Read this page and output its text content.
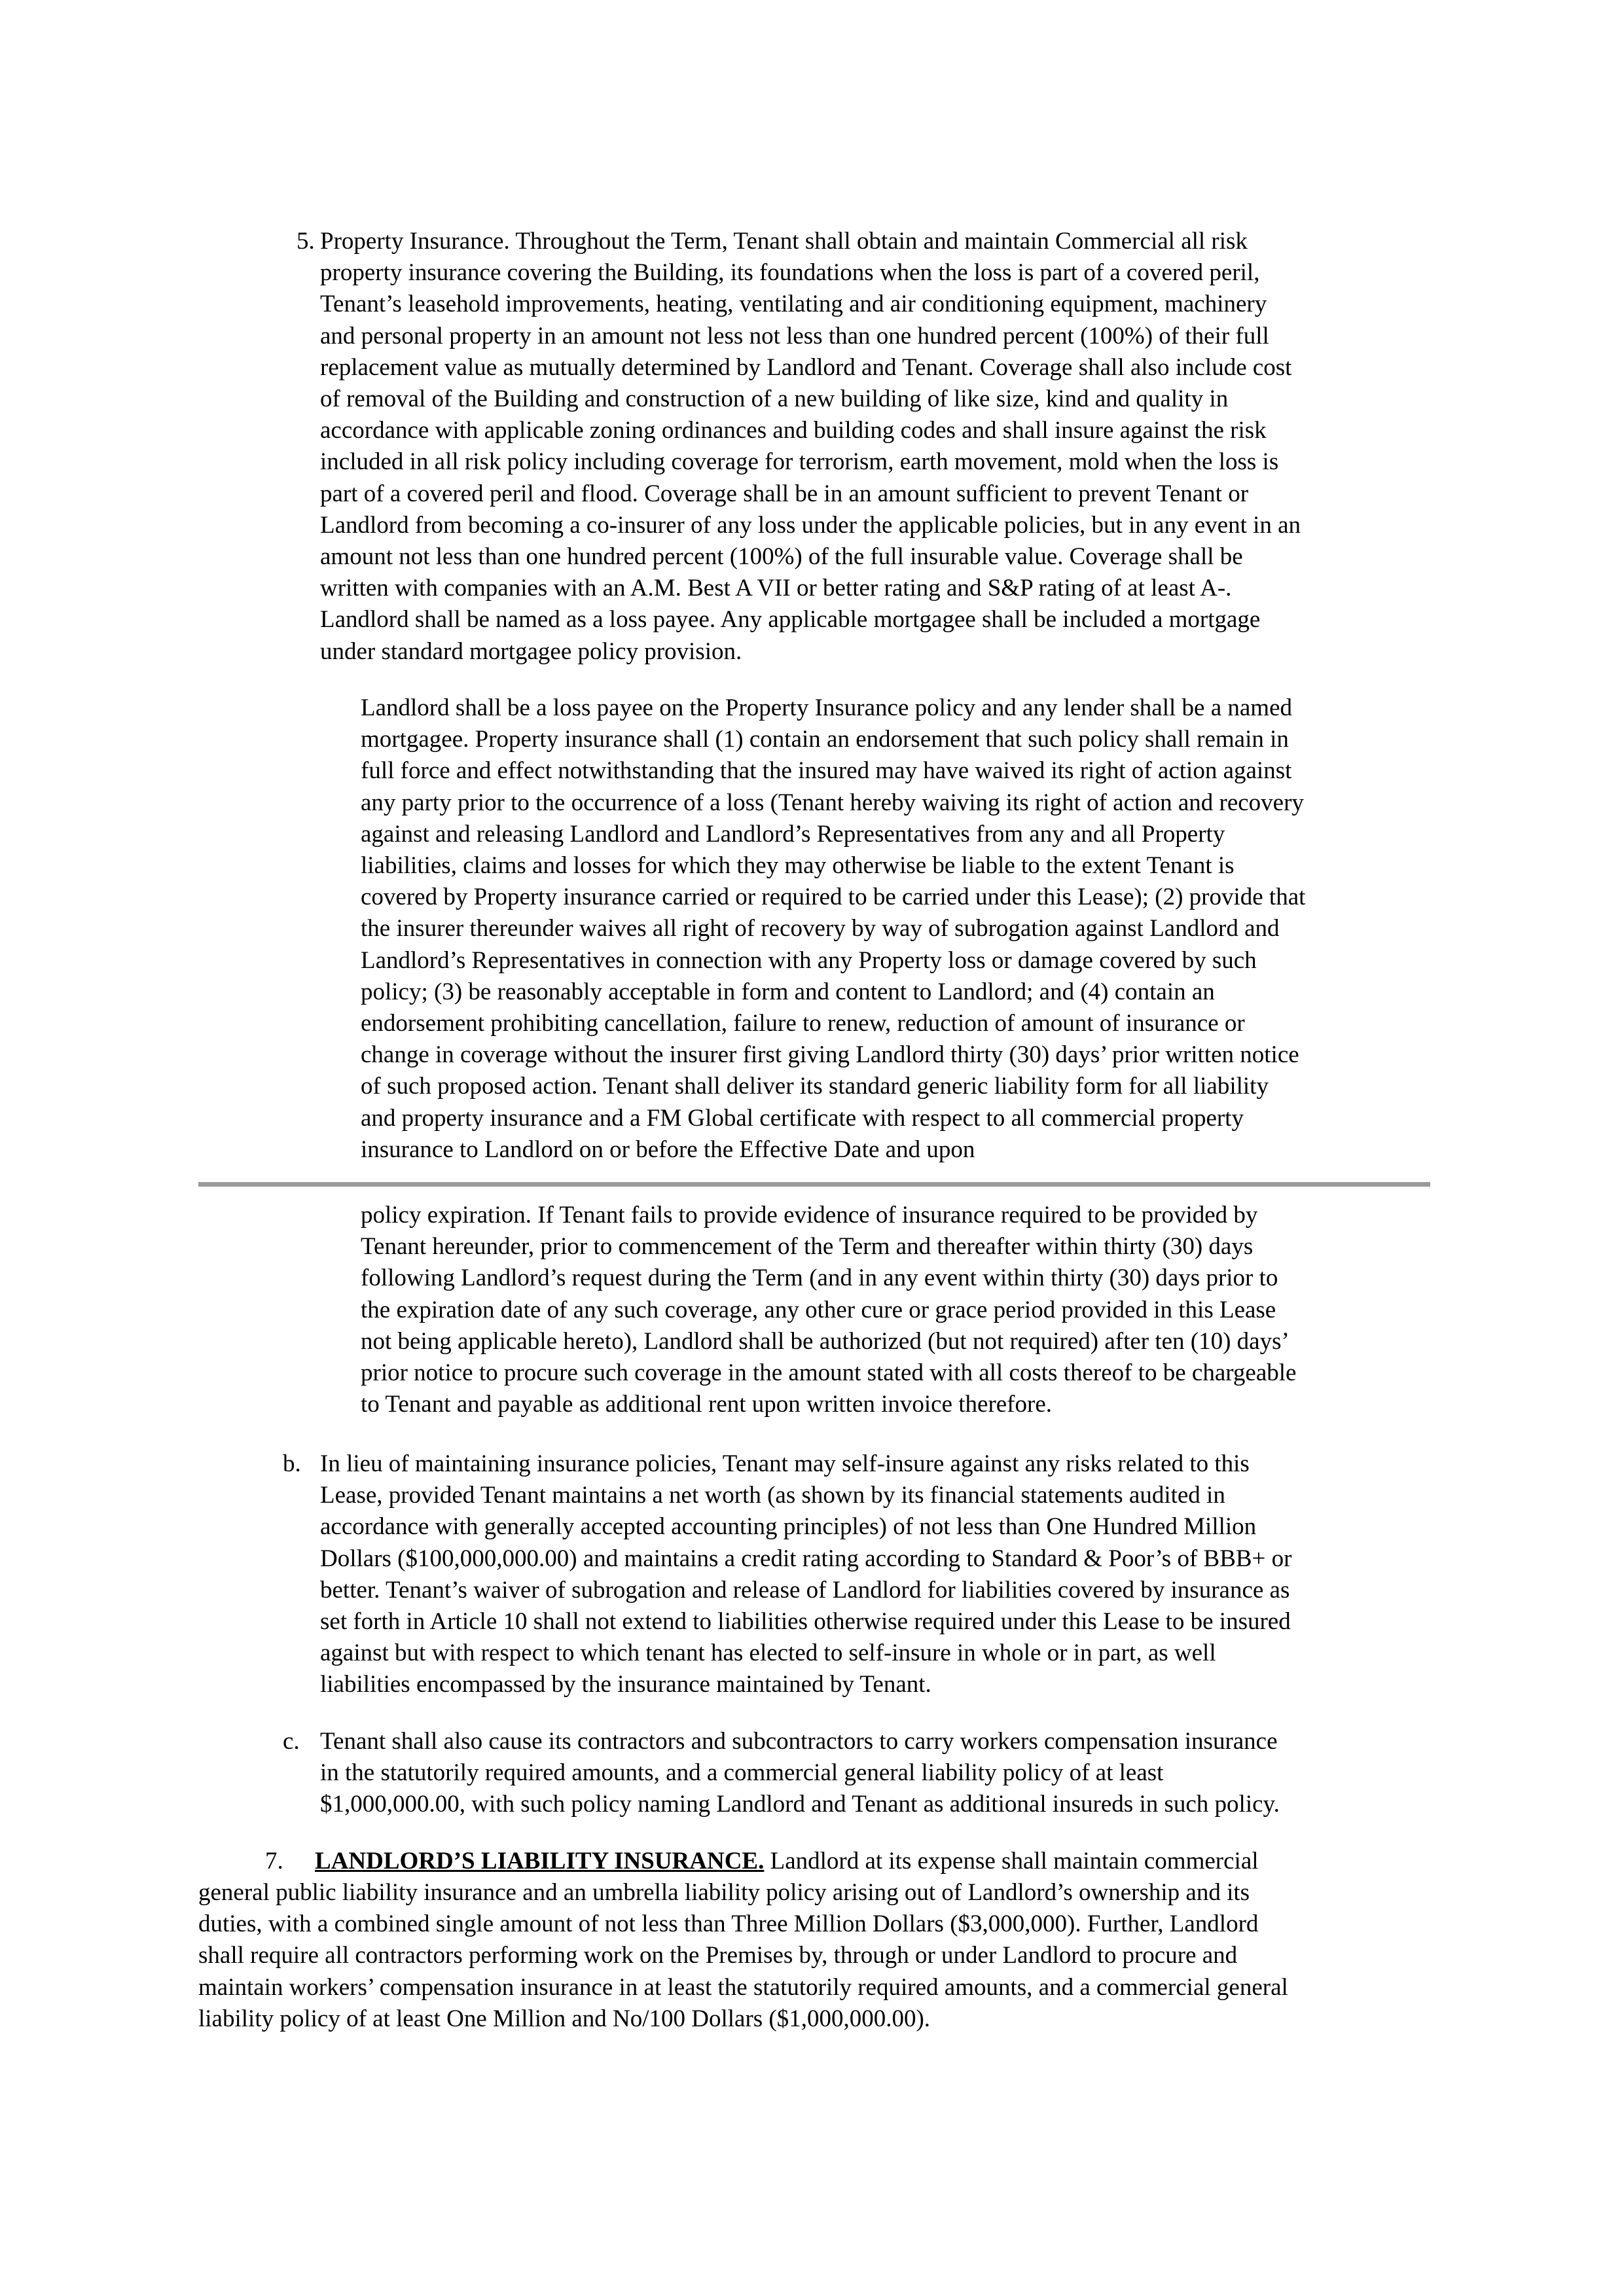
5. Property Insurance. Throughout the Term, Tenant shall obtain and maintain Commercial all risk
property insurance covering the Building, its foundations when the loss is part of a covered peril,
Tenant’s leasehold improvements, heating, ventilating and air conditioning equipment, machinery
and personal property in an amount not less not less than one hundred percent (100%) of their full
replacement value as mutually determined by Landlord and Tenant. Coverage shall also include cost
of removal of the Building and construction of a new building of like size, kind and quality in
accordance with applicable zoning ordinances and building codes and shall insure against the risk
included in all risk policy including coverage for terrorism, earth movement, mold when the loss is
part of a covered peril and flood. Coverage shall be in an amount sufficient to prevent Tenant or
Landlord from becoming a co-insurer of any loss under the applicable policies, but in any event in an
amount not less than one hundred percent (100%) of the full insurable value. Coverage shall be
written with companies with an A.M. Best A VII or better rating and S&P rating of at least A-.
Landlord shall be named as a loss payee. Any applicable mortgagee shall be included a mortgage
under standard mortgagee policy provision.
Landlord shall be a loss payee on the Property Insurance policy and any lender shall be a named
mortgagee. Property insurance shall (1) contain an endorsement that such policy shall remain in
full force and effect notwithstanding that the insured may have waived its right of action against
any party prior to the occurrence of a loss (Tenant hereby waiving its right of action and recovery
against and releasing Landlord and Landlord’s Representatives from any and all Property
liabilities, claims and losses for which they may otherwise be liable to the extent Tenant is
covered by Property insurance carried or required to be carried under this Lease); (2) provide that
the insurer thereunder waives all right of recovery by way of subrogation against Landlord and
Landlord’s Representatives in connection with any Property loss or damage covered by such
policy; (3) be reasonably acceptable in form and content to Landlord; and (4) contain an
endorsement prohibiting cancellation, failure to renew, reduction of amount of insurance or
change in coverage without the insurer first giving Landlord thirty (30) days’ prior written notice
of such proposed action. Tenant shall deliver its standard generic liability form for all liability
and property insurance and a FM Global certificate with respect to all commercial property
insurance to Landlord on or before the Effective Date and upon
policy expiration. If Tenant fails to provide evidence of insurance required to be provided by
Tenant hereunder, prior to commencement of the Term and thereafter within thirty (30) days
following Landlord’s request during the Term (and in any event within thirty (30) days prior to
the expiration date of any such coverage, any other cure or grace period provided in this Lease
not being applicable hereto), Landlord shall be authorized (but not required) after ten (10) days’
prior notice to procure such coverage in the amount stated with all costs thereof to be chargeable
to Tenant and payable as additional rent upon written invoice therefore.
b. In lieu of maintaining insurance policies, Tenant may self-insure against any risks related to this
Lease, provided Tenant maintains a net worth (as shown by its financial statements audited in
accordance with generally accepted accounting principles) of not less than One Hundred Million
Dollars ($100,000,000.00) and maintains a credit rating according to Standard & Poor’s of BBB+ or
better. Tenant’s waiver of subrogation and release of Landlord for liabilities covered by insurance as
set forth in Article 10 shall not extend to liabilities otherwise required under this Lease to be insured
against but with respect to which tenant has elected to self-insure in whole or in part, as well
liabilities encompassed by the insurance maintained by Tenant.
c. Tenant shall also cause its contractors and subcontractors to carry workers compensation insurance
in the statutorily required amounts, and a commercial general liability policy of at least
$1,000,000.00, with such policy naming Landlord and Tenant as additional insureds in such policy.
7. LANDLORD’S LIABILITY INSURANCE. Landlord at its expense shall maintain commercial
general public liability insurance and an umbrella liability policy arising out of Landlord’s ownership and its
duties, with a combined single amount of not less than Three Million Dollars ($3,000,000). Further, Landlord
shall require all contractors performing work on the Premises by, through or under Landlord to procure and
maintain workers’ compensation insurance in at least the statutorily required amounts, and a commercial general
liability policy of at least One Million and No/100 Dollars ($1,000,000.00).
